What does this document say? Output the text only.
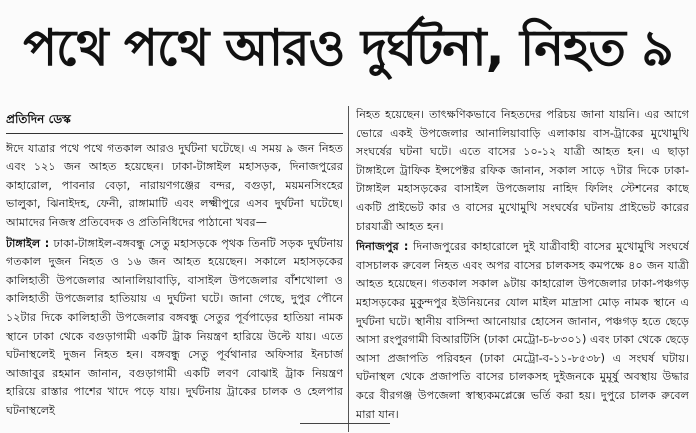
পথে পথে আরও দুর্ঘটনা, নিহত ৯
প্রতিদিন ডেস্ক

ঈদে যাত্রার পথে পথে গতকাল আরও দুর্ঘটনা ঘটেছে। এ সময় ৯ জন নিহত এবং ১২১ জন আহত হয়েছেন। ঢাকা-টাঙ্গাইল মহাসড়ক, দিনাজপুরের কাহারোল, পাবনার বেড়া, নারায়ণগঞ্জের বন্দর, বগুড়া, ময়মনসিংহের ভালুকা, ঝিনাইদহ, ফেনী, রাঙ্গামাটি এবং লক্ষ্মীপুরে এসব দুর্ঘটনা ঘটেছে। আমাদের নিজস্ব প্রতিবেদক ও প্রতিনিধিদের পাঠানো খবর—

টাঙ্গাইল : ঢাকা-টাঙ্গাইল-বঙ্গবন্ধু সেতু মহাসড়কে পৃথক তিনটি সড়ক দুর্ঘটনায় গতকাল দুজন নিহত ও ১৬ জন আহত হয়েছেন। সকালে মহাসড়কের কালিহাতী উপজেলার আনালিয়াবাড়ি, বাসাইল উপজেলার বাঁশখোলা ও কালিহাতী উপজেলার হাতিয়ায় এ দুর্ঘটনা ঘটে। জানা গেছে, দুপুর পৌনে ১২টার দিকে কালিহাতী উপজেলার বঙ্গবন্ধু সেতুর পূর্বপাড়ের হাতিয়া নামক স্থানে ঢাকা থেকে বগুড়াগামী একটি ট্রাক নিয়ন্ত্রণ হারিয়ে উল্টে যায়। এতে ঘটনাস্থলেই দুজন নিহত হন। বঙ্গবন্ধু সেতু পূর্বথানার অফিসার ইনচার্জ আজাবুর রহমান জানান, বগুড়াগামী একটি লবণ বোঝাই ট্রাক নিয়ন্ত্রণ হারিয়ে রাস্তার পাশের খাদে পড়ে যায়। দুর্ঘটনায় ট্রাকের চালক ও হেলপার ঘটনাস্থলেই

নিহত হয়েছেন। তাৎক্ষণিকভাবে নিহতদের পরিচয় জানা যায়নি। এর আগে ভোরে একই উপজেলার আনালিয়াবাড়ি এলাকায় বাস-ট্রাকের মুখোমুখি সংঘর্ষের ঘটনা ঘটে। এতে বাসের ১০-১২ যাত্রী আহত হন। এ ছাড়া টাঙ্গাইলে ট্রাফিক ইন্সপেক্টর রফিক জানান, সকাল সাড়ে ৭টার দিকে ঢাকা-টাঙ্গাইল মহাসড়কের বাসাইল উপজেলায় নাহিদ ফিলিং স্টেশনের কাছে একটি প্রাইভেট কার ও বাসের মুখোমুখি সংঘর্ষের ঘটনায় প্রাইভেট কারের চারযাত্রী আহত হন।

দিনাজপুর : দিনাজপুরের কাহারোলে দুই যাত্রীবাহী বাসের মুখোমুখি সংঘর্ষে বাসচালক রুবেল নিহত এবং অপর বাসের চালকসহ কমপক্ষে ৪০ জন যাত্রী আহত হয়েছেন। গতকাল সকাল ৯টায় কাহারোল উপজেলার ঢাকা-পঞ্চগড় মহাসড়কের মুকুন্দপুর ইউনিয়নের যোল মাইল মাদ্রাসা মোড় নামক স্থানে এ দুর্ঘটনা ঘটে। স্থানীয় বাসিন্দা আনোয়ার হোসেন জানান, পঞ্চগড় হতে ছেড়ে আসা রংপুরগামী বিআরটিসি (ঢাকা মেট্রো-চ-৮৩০১) এবং ঢাকা থেকে ছেড়ে আসা প্রজাপতি পরিবহন (ঢাকা মেট্রো-ব-১১-৮৫৩৮) এ সংঘর্ষ ঘটায়। ঘটনাস্থল থেকে প্রজাপতি বাসের চালকসহ দুইজনকে মুমূর্ষু অবস্থায় উদ্ধার করে বীরগঞ্জ উপজেলা স্বাস্থ্যকমপ্লেক্সে ভর্তি করা হয়। দুপুরে চালক রুবেল মারা যান।
